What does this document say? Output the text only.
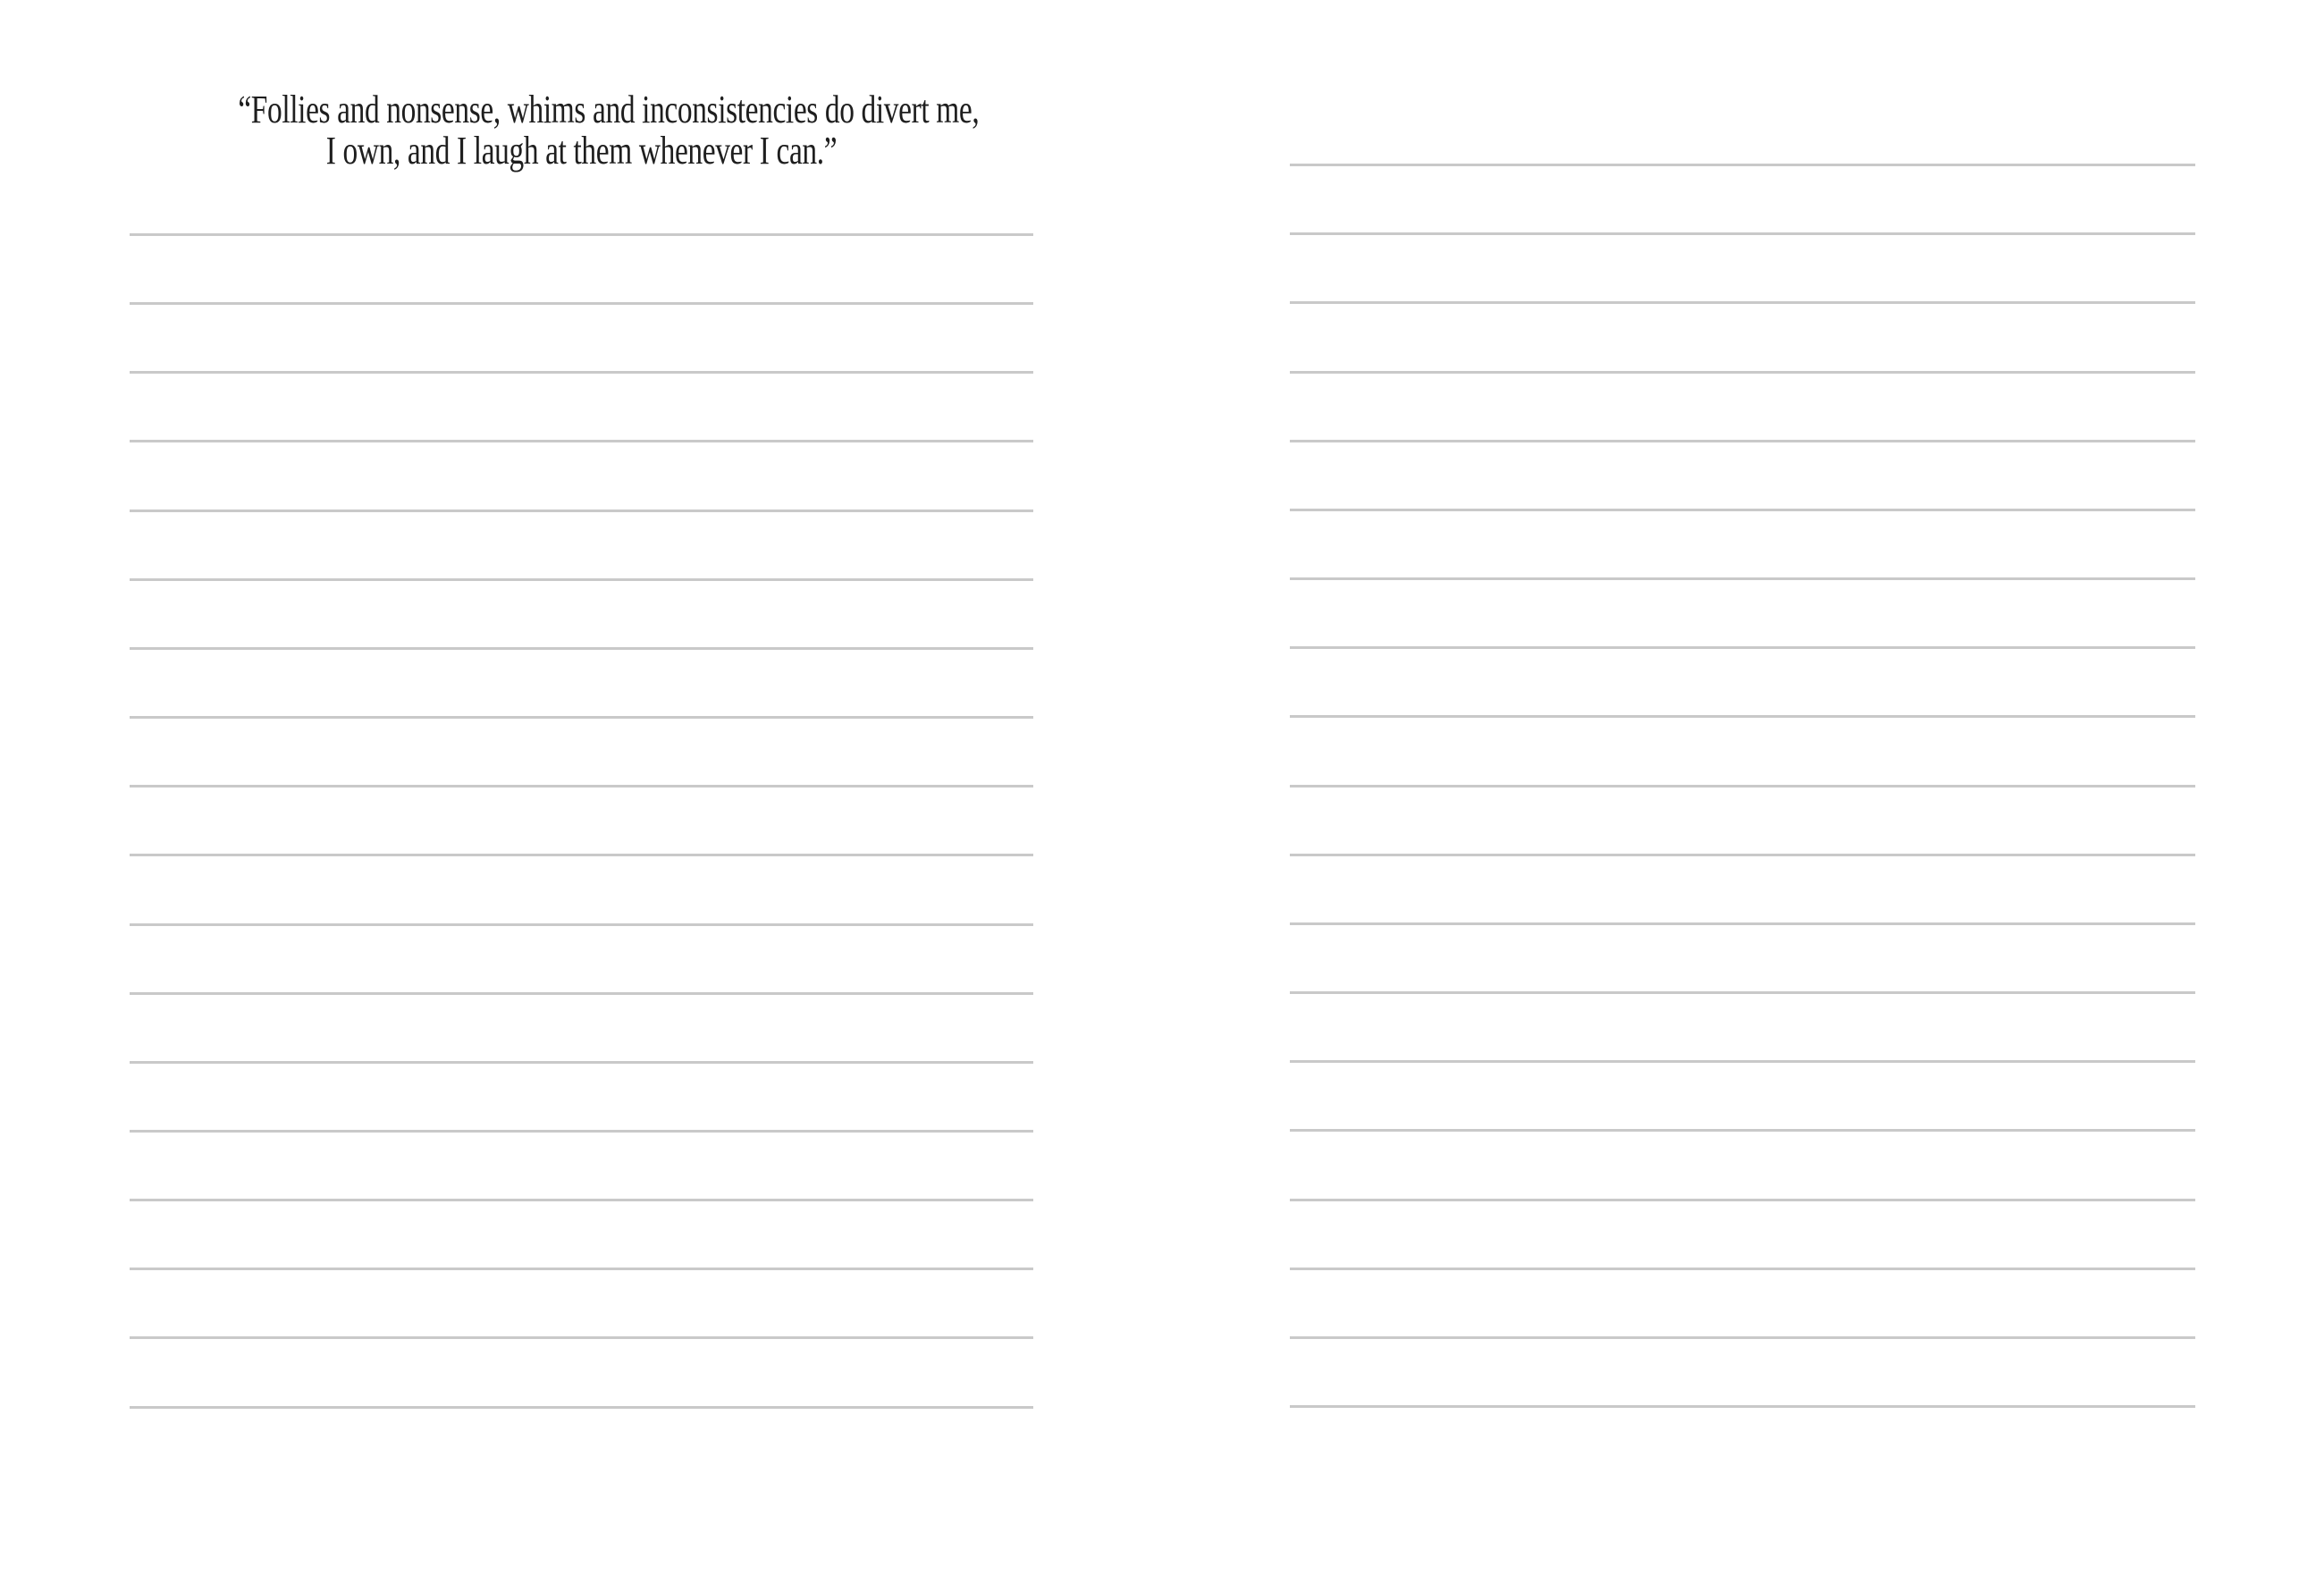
“Follies and nonsense, whims and inconsistencies do divert me,
I own, and I laugh at them whenever I can.”
